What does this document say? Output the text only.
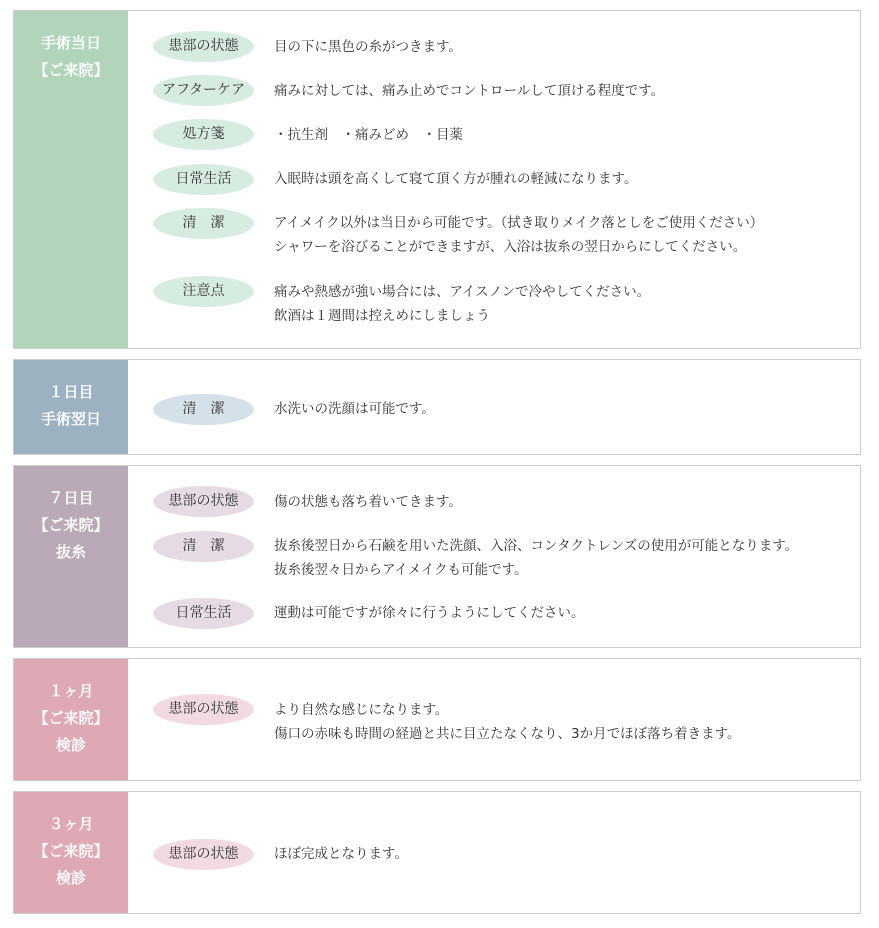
手術当日
【ご来院】
患部の状態	目の下に黒色の糸がつきます。
アフターケア	痛みに対しては、痛み止めでコントロールして頂ける程度です。
処方箋	・抗生剤　・痛みどめ　・目薬
日常生活	入眠時は頭を高くして寝て頂く方が腫れの軽減になります。
清　潔	アイメイク以外は当日から可能です。（拭き取りメイク落としをご使用ください）
シャワーを浴びることができますが、入浴は抜糸の翌日からにしてください。
注意点	痛みや熱感が強い場合には、アイスノンで冷やしてください。
飲酒は１週間は控えめにしましょう
１日目
手術翌日
清　潔	水洗いの洗顔は可能です。
７日目
【ご来院】
抜糸
患部の状態	傷の状態も落ち着いてきます。
清　潔	抜糸後翌日から石鹸を用いた洗顔、入浴、コンタクトレンズの使用が可能となります。
抜糸後翌々日からアイメイクも可能です。
日常生活	運動は可能ですが徐々に行うようにしてください。
１ヶ月
【ご来院】
検診
患部の状態	より自然な感じになります。
傷口の赤味も時間の経過と共に目立たなくなり、3か月でほぼ落ち着きます。
３ヶ月
【ご来院】
検診
患部の状態	ほぼ完成となります。
